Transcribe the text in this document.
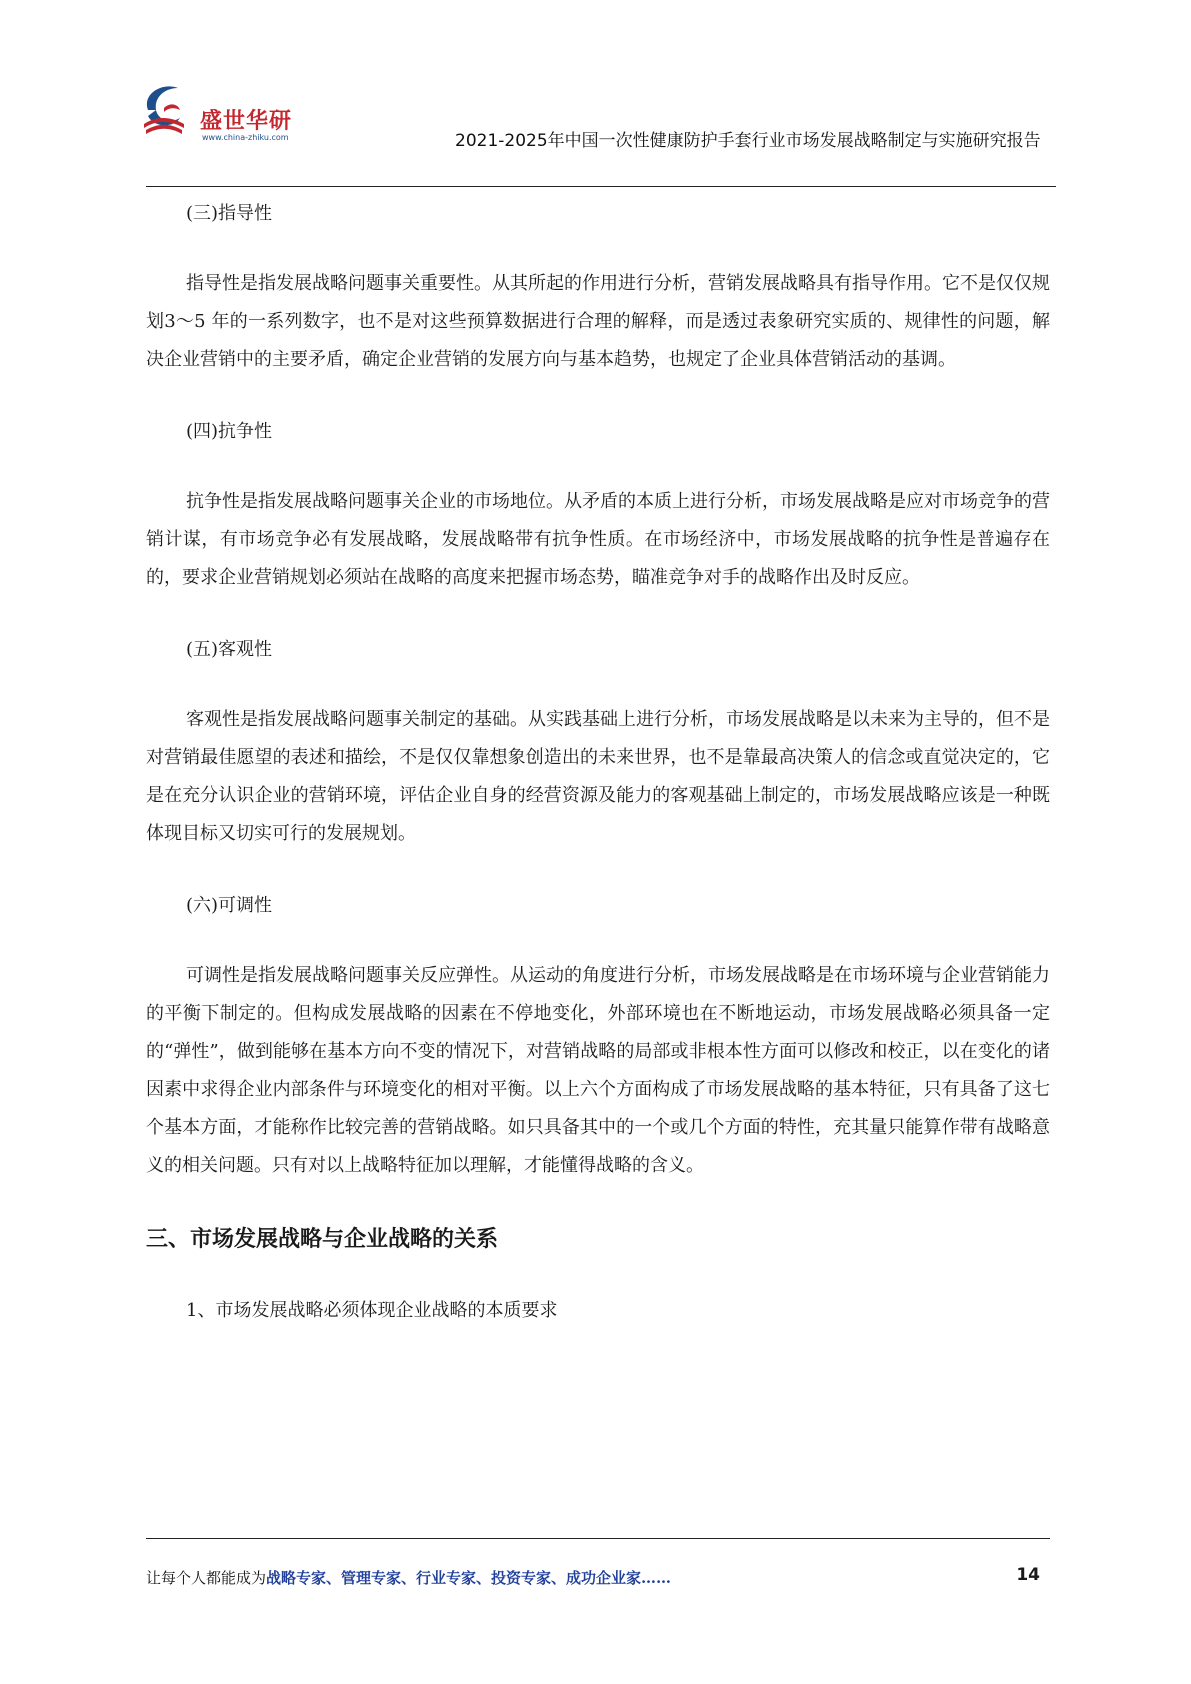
盛世华研
www.china-zhiku.com	2021-2025年中国一次性健康防护手套行业市场发展战略制定与实施研究报告

(三)指导性

指导性是指发展战略问题事关重要性。从其所起的作用进行分析，营销发展战略具有指导作用。它不是仅仅规划3～5 年的一系列数字，也不是对这些预算数据进行合理的解释，而是透过表象研究实质的、规律性的问题，解决企业营销中的主要矛盾，确定企业营销的发展方向与基本趋势，也规定了企业具体营销活动的基调。

(四)抗争性

抗争性是指发展战略问题事关企业的市场地位。从矛盾的本质上进行分析，市场发展战略是应对市场竞争的营销计谋，有市场竞争必有发展战略，发展战略带有抗争性质。在市场经济中，市场发展战略的抗争性是普遍存在的，要求企业营销规划必须站在战略的高度来把握市场态势，瞄准竞争对手的战略作出及时反应。

(五)客观性

客观性是指发展战略问题事关制定的基础。从实践基础上进行分析，市场发展战略是以未来为主导的，但不是对营销最佳愿望的表述和描绘，不是仅仅靠想象创造出的未来世界，也不是靠最高决策人的信念或直觉决定的，它是在充分认识企业的营销环境，评估企业自身的经营资源及能力的客观基础上制定的，市场发展战略应该是一种既体现目标又切实可行的发展规划。

(六)可调性

可调性是指发展战略问题事关反应弹性。从运动的角度进行分析，市场发展战略是在市场环境与企业营销能力的平衡下制定的。但构成发展战略的因素在不停地变化，外部环境也在不断地运动，市场发展战略必须具备一定的“弹性”，做到能够在基本方向不变的情况下，对营销战略的局部或非根本性方面可以修改和校正，以在变化的诸因素中求得企业内部条件与环境变化的相对平衡。以上六个方面构成了市场发展战略的基本特征，只有具备了这七个基本方面，才能称作比较完善的营销战略。如只具备其中的一个或几个方面的特性，充其量只能算作带有战略意义的相关问题。只有对以上战略特征加以理解，才能懂得战略的含义。

三、市场发展战略与企业战略的关系

1、市场发展战略必须体现企业战略的本质要求

让每个人都能成为战略专家、管理专家、行业专家、投资专家、成功企业家……	14
